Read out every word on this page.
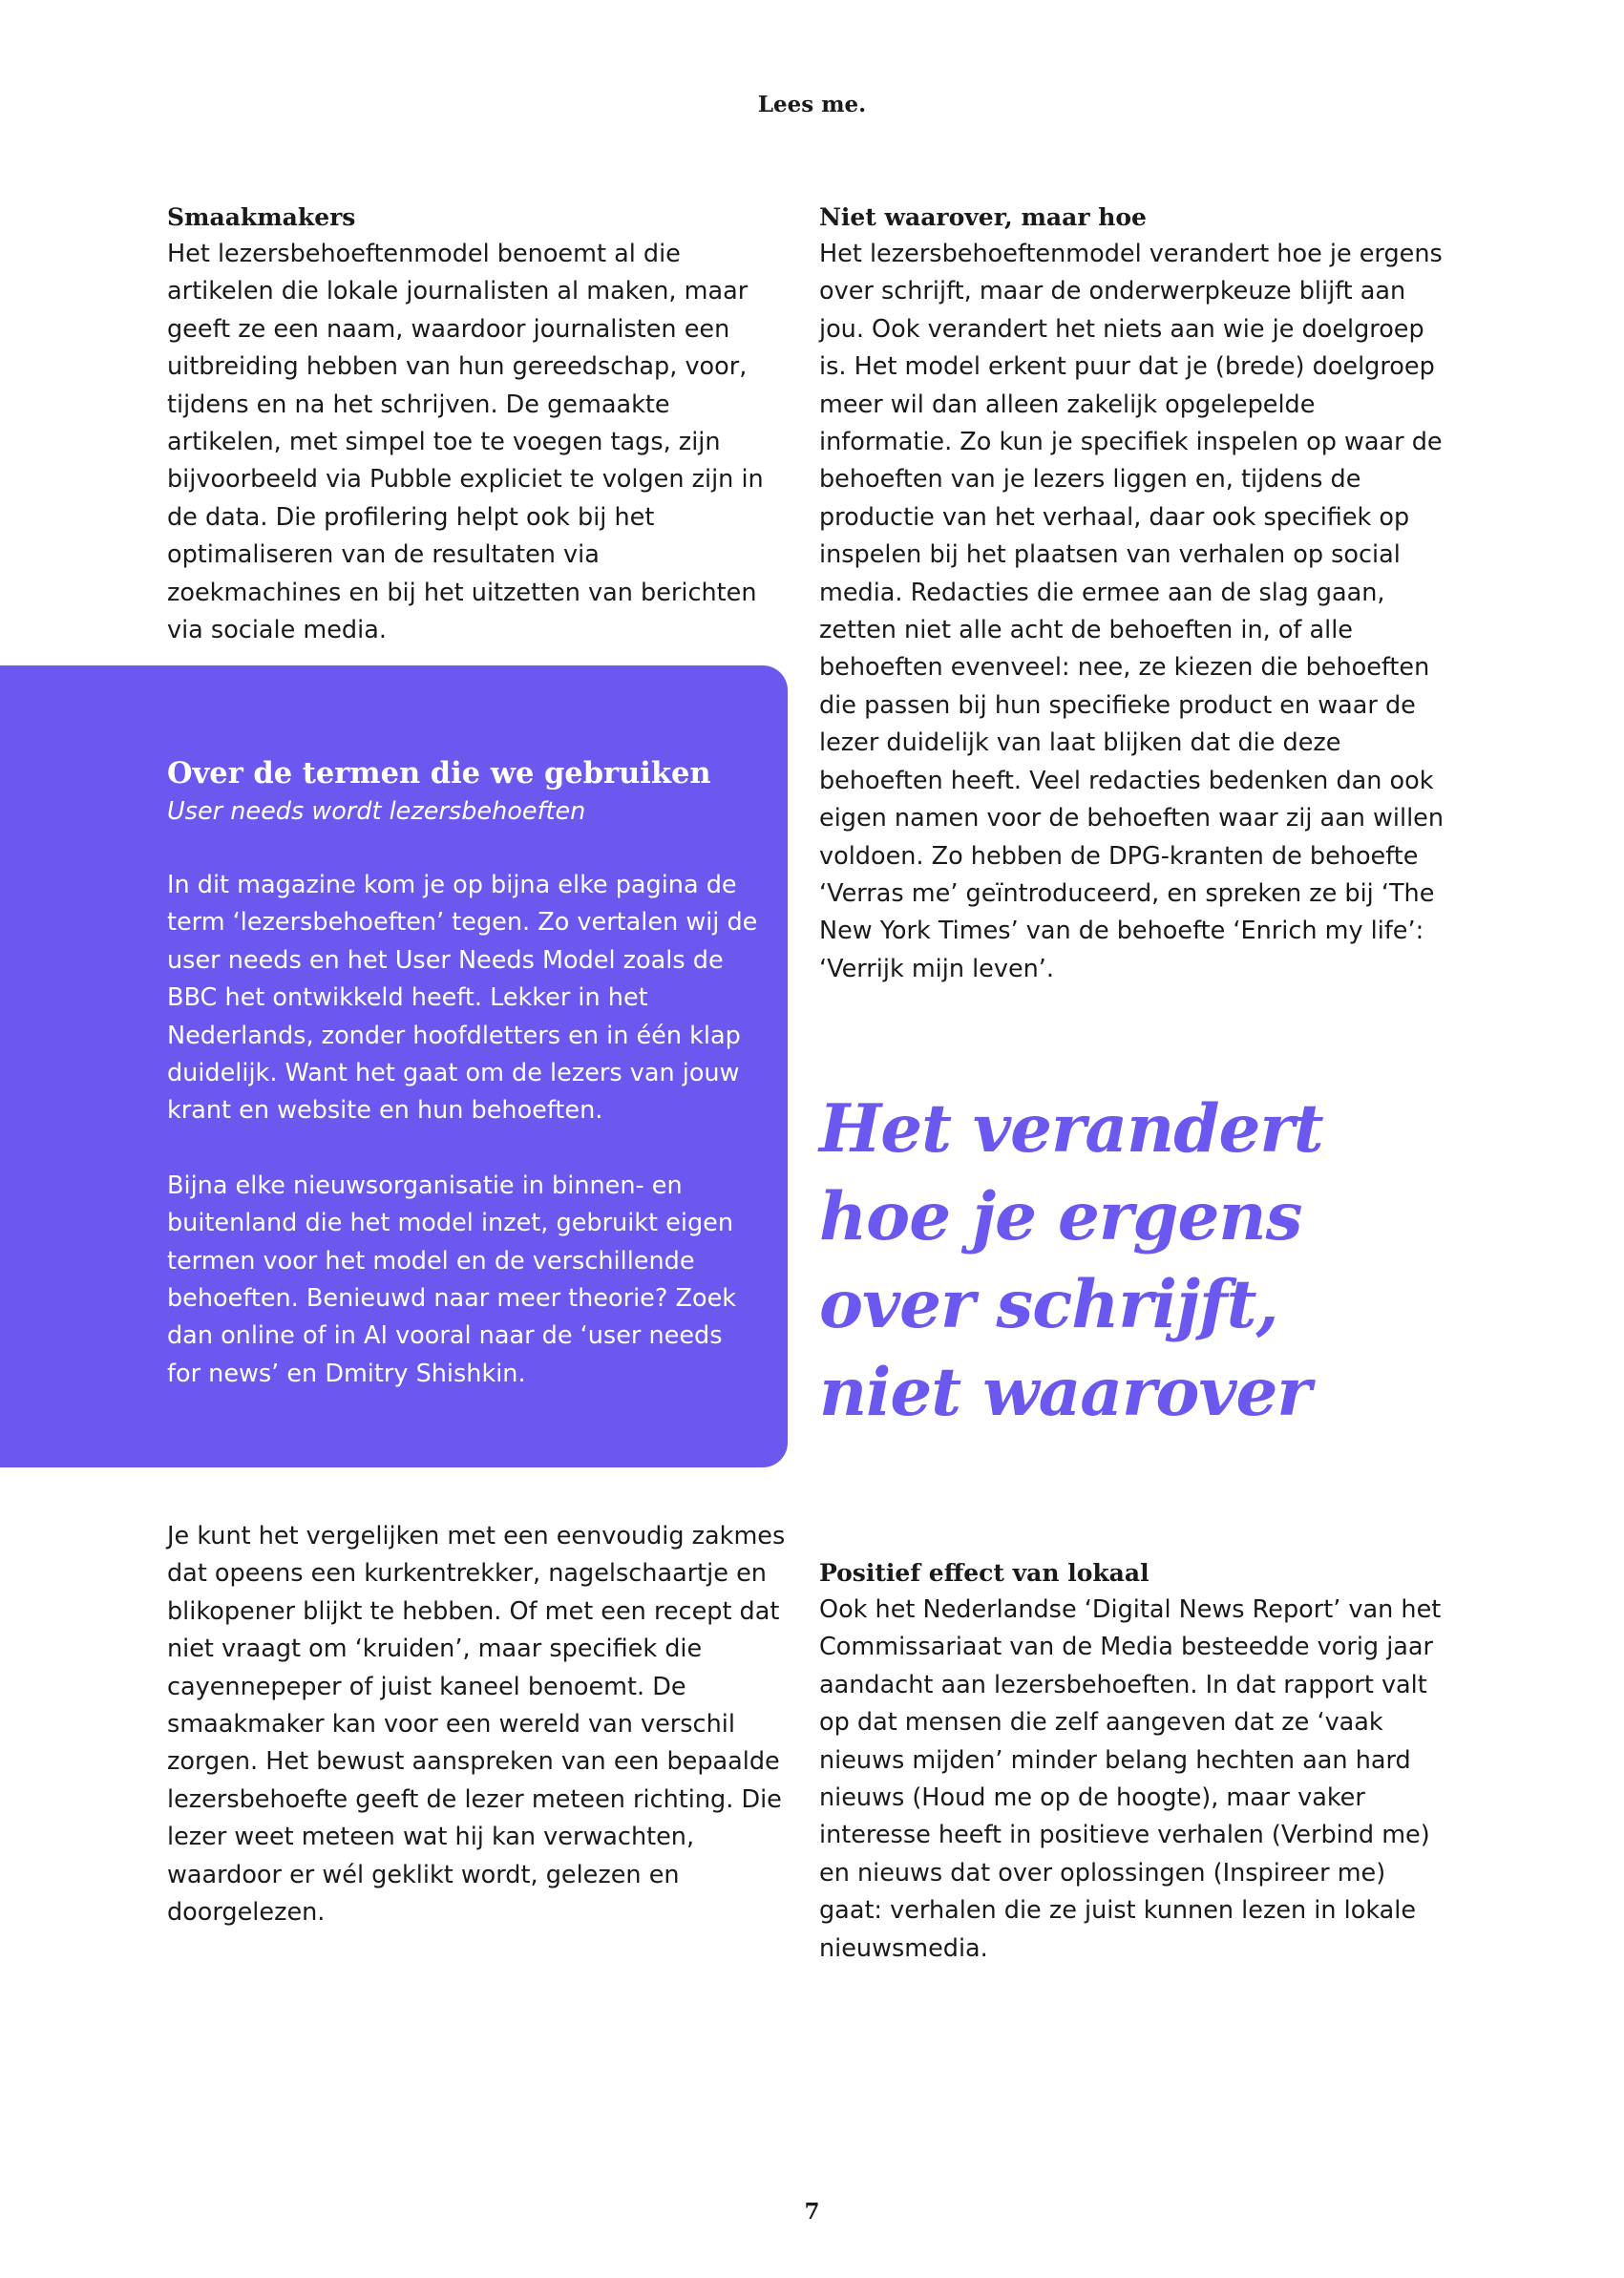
Lees me.
Smaakmakers

Het lezersbehoeftenmodel benoemt al die artikelen die lokale journalisten al maken, maar geeft ze een naam, waardoor journalisten een uitbreiding hebben van hun gereedschap, voor, tijdens en na het schrijven. De gemaakte artikelen, met simpel toe te voegen tags, zijn bijvoorbeeld via Pubble expliciet te volgen zijn in de data. Die profilering helpt ook bij het optimaliseren van de resultaten via zoekmachines en bij het uitzetten van berichten via sociale media.

Niet waarover, maar hoe

Het lezersbehoeftenmodel verandert hoe je ergens over schrijft, maar de onderwerpkeuze blijft aan jou. Ook verandert het niets aan wie je doelgroep is. Het model erkent puur dat je (brede) doelgroep meer wil dan alleen zakelijk opgelepelde informatie. Zo kun je specifiek inspelen op waar de behoeften van je lezers liggen en, tijdens de productie van het verhaal, daar ook specifiek op inspelen bij het plaatsen van verhalen op social media. Redacties die ermee aan de slag gaan, zetten niet alle acht de behoeften in, of alle behoeften evenveel: nee, ze kiezen die behoeften die passen bij hun specifieke product en waar de lezer duidelijk van laat blijken dat die deze behoeften heeft. Veel redacties bedenken dan ook eigen namen voor de behoeften waar zij aan willen voldoen. Zo hebben de DPG-kranten de behoefte ‘Verras me’ geïntroduceerd, en spreken ze bij ‘The New York Times’ van de behoefte ‘Enrich my life’: ‘Verrijk mijn leven’.

Over de termen die we gebruiken

User needs wordt lezersbehoeften

In dit magazine kom je op bijna elke pagina de term ‘lezersbehoeften’ tegen. Zo vertalen wij de user needs en het User Needs Model zoals de BBC het ontwikkeld heeft. Lekker in het Nederlands, zonder hoofdletters en in één klap duidelijk. Want het gaat om de lezers van jouw krant en website en hun behoeften.

Bijna elke nieuwsorganisatie in binnen- en buitenland die het model inzet, gebruikt eigen termen voor het model en de verschillende behoeften. Benieuwd naar meer theorie? Zoek dan online of in AI vooral naar de ‘user needs for news’ en Dmitry Shishkin.

Het verandert hoe je ergens over schrijft, niet waarover

Je kunt het vergelijken met een eenvoudig zakmes dat opeens een kurkentrekker, nagelschaartje en blikopener blijkt te hebben. Of met een recept dat niet vraagt om ‘kruiden’, maar specifiek die cayennepeper of juist kaneel benoemt. De smaakmaker kan voor een wereld van verschil zorgen. Het bewust aanspreken van een bepaalde lezersbehoefte geeft de lezer meteen richting. Die lezer weet meteen wat hij kan verwachten, waardoor er wél geklikt wordt, gelezen en doorgelezen.

Positief effect van lokaal

Ook het Nederlandse ‘Digital News Report’ van het Commissariaat van de Media besteedde vorig jaar aandacht aan lezersbehoeften. In dat rapport valt op dat mensen die zelf aangeven dat ze ‘vaak nieuws mijden’ minder belang hechten aan hard nieuws (Houd me op de hoogte), maar vaker interesse heeft in positieve verhalen (Verbind me) en nieuws dat over oplossingen (Inspireer me) gaat: verhalen die ze juist kunnen lezen in lokale nieuwsmedia.

7
